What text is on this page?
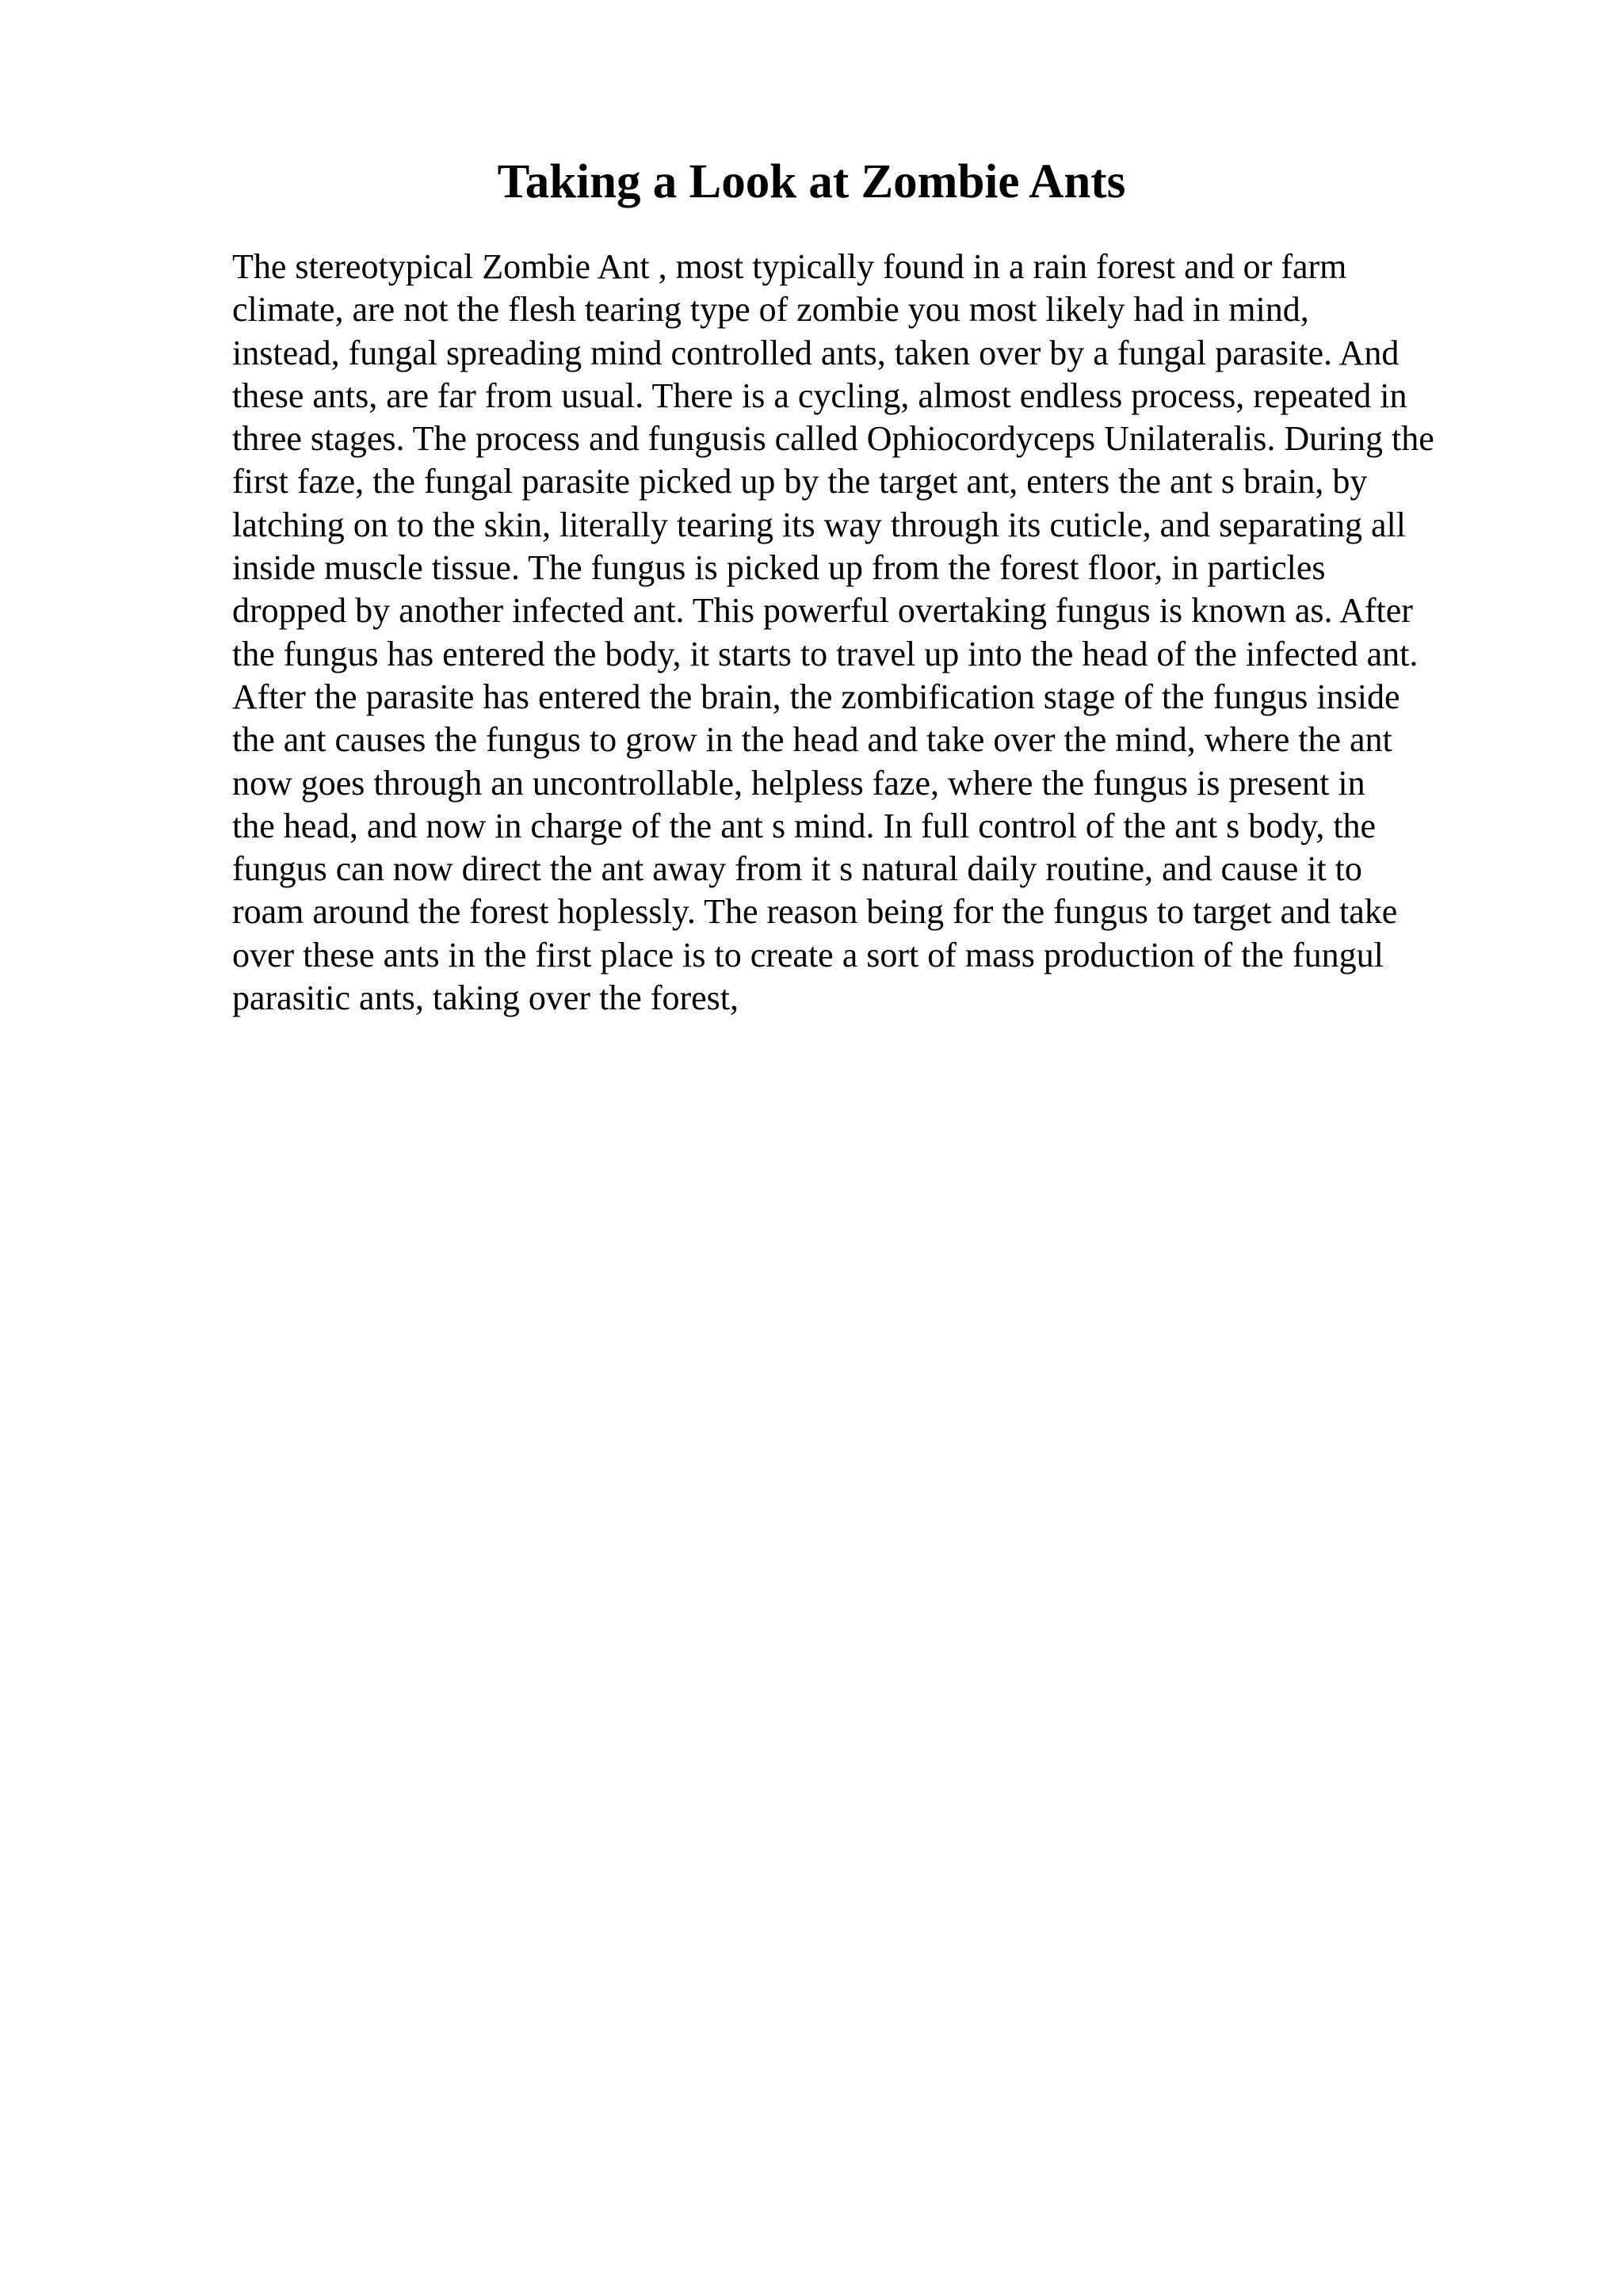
Taking a Look at Zombie Ants
The stereotypical Zombie Ant , most typically found in a rain forest and or farm
climate, are not the flesh tearing type of zombie you most likely had in mind,
instead, fungal spreading mind controlled ants, taken over by a fungal parasite. And
these ants, are far from usual. There is a cycling, almost endless process, repeated in
three stages. The process and fungusis called Ophiocordyceps Unilateralis. During the
first faze, the fungal parasite picked up by the target ant, enters the ant s brain, by
latching on to the skin, literally tearing its way through its cuticle, and separating all
inside muscle tissue. The fungus is picked up from the forest floor, in particles
dropped by another infected ant. This powerful overtaking fungus is known as. After
the fungus has entered the body, it starts to travel up into the head of the infected ant.
After the parasite has entered the brain, the zombification stage of the fungus inside
the ant causes the fungus to grow in the head and take over the mind, where the ant
now goes through an uncontrollable, helpless faze, where the fungus is present in
the head, and now in charge of the ant s mind. In full control of the ant s body, the
fungus can now direct the ant away from it s natural daily routine, and cause it to
roam around the forest hoplessly. The reason being for the fungus to target and take
over these ants in the first place is to create a sort of mass production of the fungul
parasitic ants, taking over the forest,
